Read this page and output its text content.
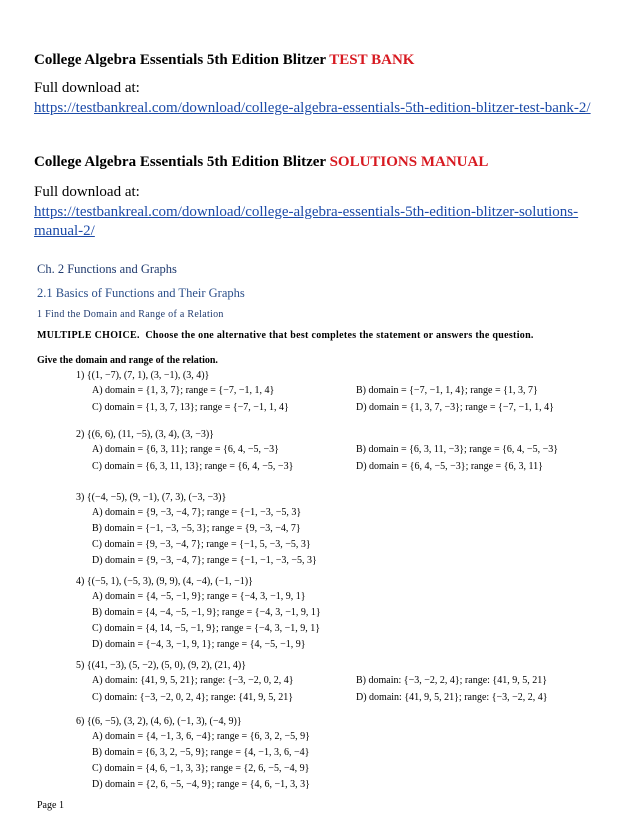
College Algebra Essentials 5th Edition Blitzer TEST BANK
Full download at:
https://testbankreal.com/download/college-algebra-essentials-5th-edition-blitzer-test-bank-2/
College Algebra Essentials 5th Edition Blitzer SOLUTIONS MANUAL
Full download at:
https://testbankreal.com/download/college-algebra-essentials-5th-edition-blitzer-solutions-manual-2/
Ch. 2 Functions and Graphs
2.1 Basics of Functions and Their Graphs
1 Find the Domain and Range of a Relation
MULTIPLE CHOICE. Choose the one alternative that best completes the statement or answers the question.
Give the domain and range of the relation.
1) {(1, −7), (7, 1), (3, −1), (3, 4)}
A) domain = {1, 3, 7}; range = {−7, −1, 1, 4}	B) domain = {−7, −1, 1, 4}; range = {1, 3, 7}
C) domain = {1, 3, 7, 13}; range = {−7, −1, 1, 4}	D) domain = {1, 3, 7, −3}; range = {−7, −1, 1, 4}
2) {(6, 6), (11, −5), (3, 4), (3, −3)}
A) domain = {6, 3, 11}; range = {6, 4, −5, −3}	B) domain = {6, 3, 11, −3}; range = {6, 4, −5, −3}
C) domain = {6, 3, 11, 13}; range = {6, 4, −5, −3}	D) domain = {6, 4, −5, −3}; range = {6, 3, 11}
3) {(−4, −5), (9, −1), (7, 3), (−3, −3)}
A) domain = {9, −3, −4, 7}; range = {−1, −3, −5, 3}
B) domain = {−1, −3, −5, 3}; range = {9, −3, −4, 7}
C) domain = {9, −3, −4, 7}; range = {−1, 5, −3, −5, 3}
D) domain = {9, −3, −4, 7}; range = {−1, −1, −3, −5, 3}
4) {(−5, 1), (−5, 3), (9, 9), (4, −4), (−1, −1)}
A) domain = {4, −5, −1, 9}; range = {−4, 3, −1, 9, 1}
B) domain = {4, −4, −5, −1, 9}; range = {−4, 3, −1, 9, 1}
C) domain = {4, 14, −5, −1, 9}; range = {−4, 3, −1, 9, 1}
D) domain = {−4, 3, −1, 9, 1}; range = {4, −5, −1, 9}
5) {(41, −3), (5, −2), (5, 0), (9, 2), (21, 4)}
A) domain: {41, 9, 5, 21}; range: {−3, −2, 0, 2, 4}	B) domain: {−3, −2, 2, 4}; range: {41, 9, 5, 21}
C) domain: {−3, −2, 0, 2, 4}; range: {41, 9, 5, 21}	D) domain: {41, 9, 5, 21}; range: {−3, −2, 2, 4}
6) {(6, −5), (3, 2), (4, 6), (−1, 3), (−4, 9)}
A) domain = {4, −1, 3, 6, −4}; range = {6, 3, 2, −5, 9}
B) domain = {6, 3, 2, −5, 9}; range = {4, −1, 3, 6, −4}
C) domain = {4, 6, −1, 3, 3}; range = {2, 6, −5, −4, 9}
D) domain = {2, 6, −5, −4, 9}; range = {4, 6, −1, 3, 3}
Page 1
